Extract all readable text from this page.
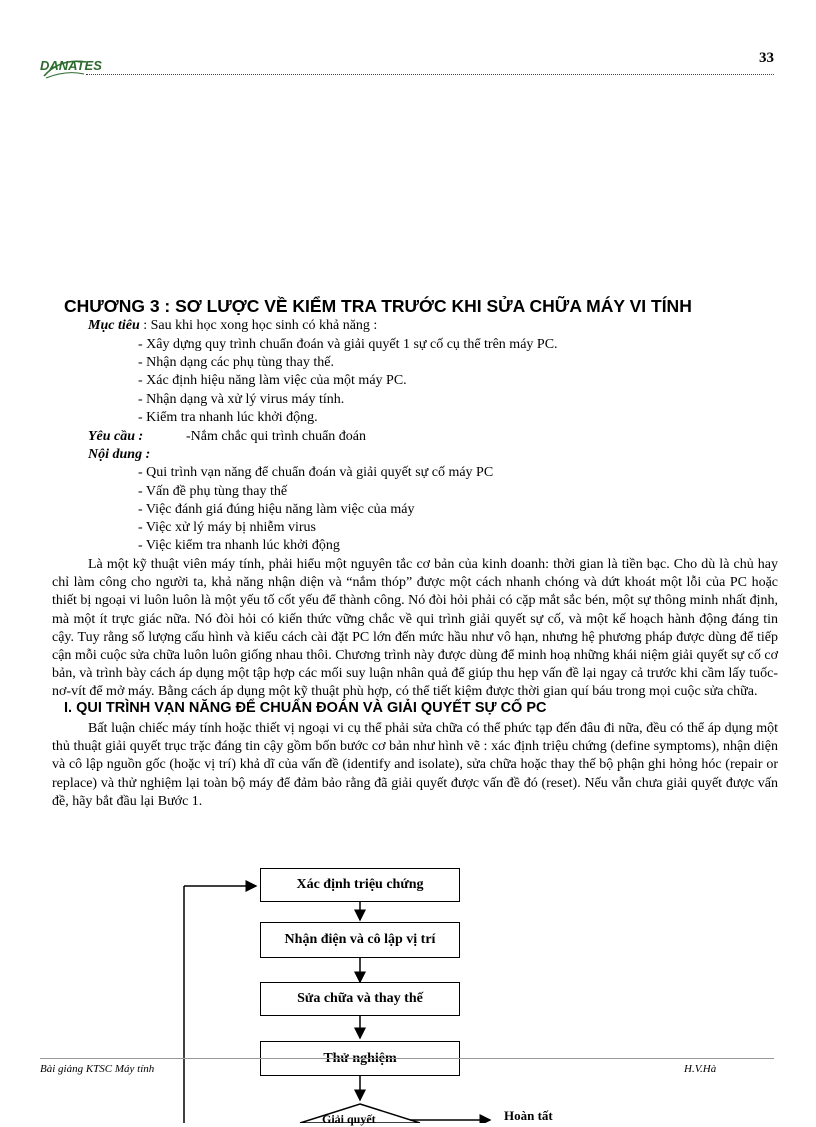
DANATES	33
CHƯƠNG 3 : SƠ LƯỢC VỀ KIỂM TRA TRƯỚC KHI SỬA CHỮA MÁY VI TÍNH
Mục tiêu : Sau khi học xong học sinh có khả năng :
- Xây dựng quy trình chuẩn đoán và giải quyết 1 sự cố cụ thể trên máy PC.
- Nhận dạng các phụ tùng thay thế.
- Xác định hiệu năng làm việc của một máy PC.
- Nhận dạng và xử lý virus máy tính.
- Kiểm tra nhanh lúc khởi động.
Yêu cầu :	-Nắm chắc qui trình chuẩn đoán
Nội dung :
- Qui trình vạn năng để chuẩn đoán và giải quyết sự cố máy PC
- Vấn đề phụ tùng thay thế
- Việc đánh giá đúng hiệu năng làm việc của máy
- Việc xử lý máy bị nhiễm virus
- Việc kiểm tra nhanh lúc khởi động
Là một kỹ thuật viên máy tính, phải hiểu một nguyên tắc cơ bản của kinh doanh: thời gian là tiền bạc. Cho dù là chủ hay chỉ làm công cho người ta, khả năng nhận diện và “nắm thóp” được một cách nhanh chóng và dứt khoát một lỗi của PC hoặc thiết bị ngoại vi luôn luôn là một yếu tố cốt yếu để thành công. Nó đòi hỏi phải có cặp mắt sắc bén, một sự thông minh nhất định, mà một ít trực giác nữa. Nó đòi hỏi có kiến thức vững chắc về qui trình giải quyết sự cố, và một kế hoạch hành động đáng tin cậy. Tuy rằng số lượng cấu hình và kiểu cách cài đặt PC lớn đến mức hầu như vô hạn, nhưng hệ phương pháp được dùng để tiếp cận mỗi cuộc sửa chữa luôn luôn giống nhau thôi. Chương trình này được dùng để minh hoạ những khái niệm giải quyết sự cố cơ bản, và trình bày cách áp dụng một tập hợp các mối suy luận nhân quả để giúp thu hẹp vấn đề lại ngay cả trước khi cầm lấy tuốc-nơ-vít để mở máy. Bằng cách áp dụng một kỹ thuật phù hợp, có thể tiết kiệm được thời gian quí báu trong mọi cuộc sửa chữa.
I. QUI TRÌNH VẠN NĂNG ĐỂ CHUẨN ĐOÁN VÀ GIẢI QUYẾT SỰ CỐ PC
Bất luận chiếc máy tính hoặc thiết vị ngoại vi cụ thể phải sửa chữa có thể phức tạp đến đâu đi nữa, đều có thể áp dụng một thủ thuật giải quyết trục trặc đáng tin cậy gồm bốn bước cơ bản như hình vẽ : xác định triệu chứng (define symptoms), nhận diện và cô lập nguồn gốc (hoặc vị trí) khả dĩ của vấn đề (identify and isolate), sửa chữa hoặc thay thế bộ phận ghi hỏng hóc (repair or replace) và thử nghiệm lại toàn bộ máy để đảm bảo rằng đã giải quyết được vấn đề đó (reset). Nếu vẫn chưa giải quyết được vấn đề, hãy bắt đầu lại Bước 1.
Xác định triệu chứng
Nhận điện và cô lập vị trí
Sửa chữa và thay thế
Thử nghiệm
Giải quyết	Hoàn tất
Bài giảng KTSC Máy tính	H.V.Hà
